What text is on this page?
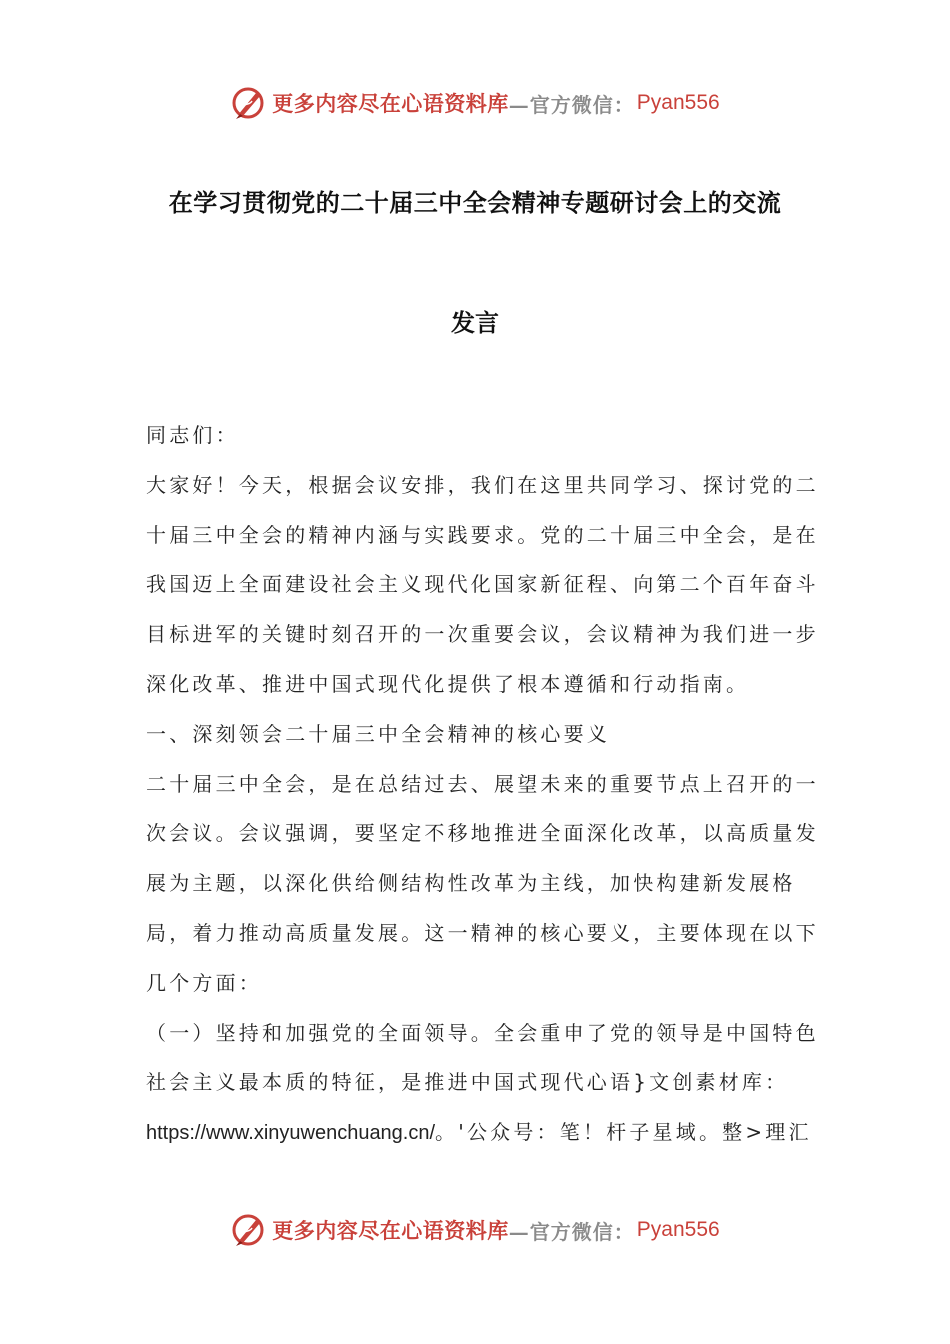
更多内容尽在心语资料库 —官方微信： Pyan556
在学习贯彻党的二十届三中全会精神专题研讨会上的交流
发言

同志们：

大家好！今天，根据会议安排，我们在这里共同学习、探讨党的二十届三中全会的精神内涵与实践要求。党的二十届三中全会，是在我国迈上全面建设社会主义现代化国家新征程、向第二个百年奋斗目标进军的关键时刻召开的一次重要会议，会议精神为我们进一步深化改革、推进中国式现代化提供了根本遵循和行动指南。

一、深刻领会二十届三中全会精神的核心要义

二十届三中全会，是在总结过去、展望未来的重要节点上召开的一次会议。会议强调，要坚定不移地推进全面深化改革，以高质量发展为主题，以深化供给侧结构性改革为主线，加快构建新发展格局，着力推动高质量发展。这一精神的核心要义，主要体现在以下几个方面：

（一）坚持和加强党的全面领导。全会重申了党的领导是中国特色社会主义最本质的特征，是推进中国式现代心语}文创素材库：https://www.xinyuwenchuang.cn/。'公众号：笔！杆子星域。整>理汇

更多内容尽在心语资料库 —官方微信： Pyan556
